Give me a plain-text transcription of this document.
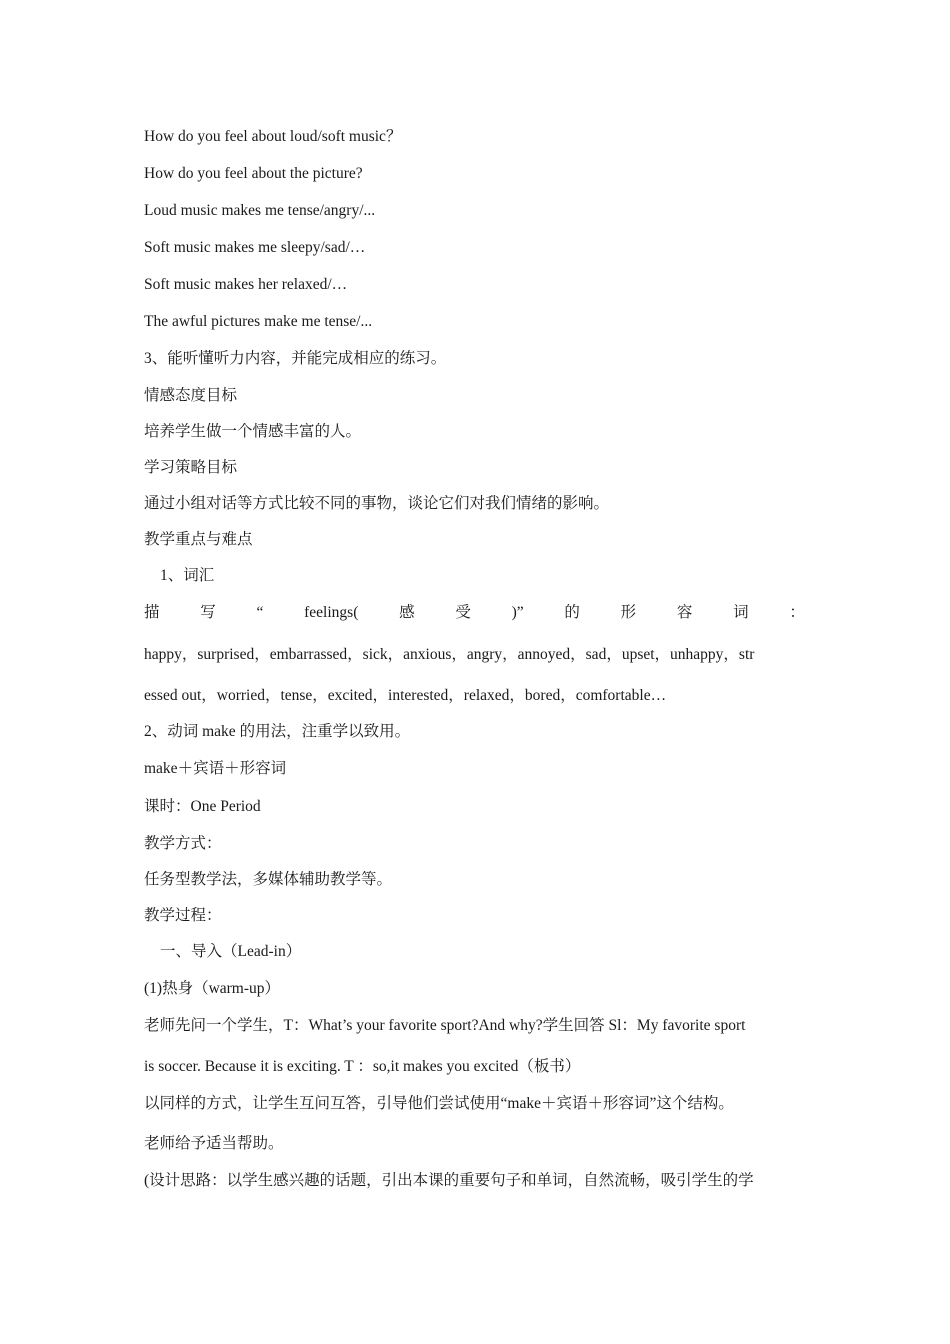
How do you feel about loud/soft music？
How do you feel about the picture?
Loud music makes me tense/angry/...
Soft music makes me sleepy/sad/…
Soft music makes her relaxed/…
The awful pictures make me tense/...
3、能听懂听力内容，并能完成相应的练习。
情感态度目标
培养学生做一个情感丰富的人。
学习策略目标
通过小组对话等方式比较不同的事物，谈论它们对我们情绪的影响。
教学重点与难点
1、词汇
描	写	“	feelings(	感	受	)”	的	形	容	词	：
happy，surprised，embarrassed，sick，anxious，angry，annoyed，sad，upset，unhappy，str
essed out，worried，tense，excited，interested，relaxed，bored，comfortable…
2、动词 make 的用法，注重学以致用。
make＋宾语＋形容词
课时：One Period
教学方式：
任务型教学法，多媒体辅助教学等。
教学过程：
一、导入（Lead-in）
(1)热身（warm-up）
老师先问一个学生，T：What’s your favorite sport?And why?学生回答 Sl：My favorite sport
is soccer. Because it is exciting. T ：so,it makes you excited（板书）
以同样的方式，让学生互问互答，引导他们尝试使用“make＋宾语＋形容词”这个结构。
老师给予适当帮助。
(设计思路：以学生感兴趣的话题，引出本课的重要句子和单词，自然流畅，吸引学生的学
